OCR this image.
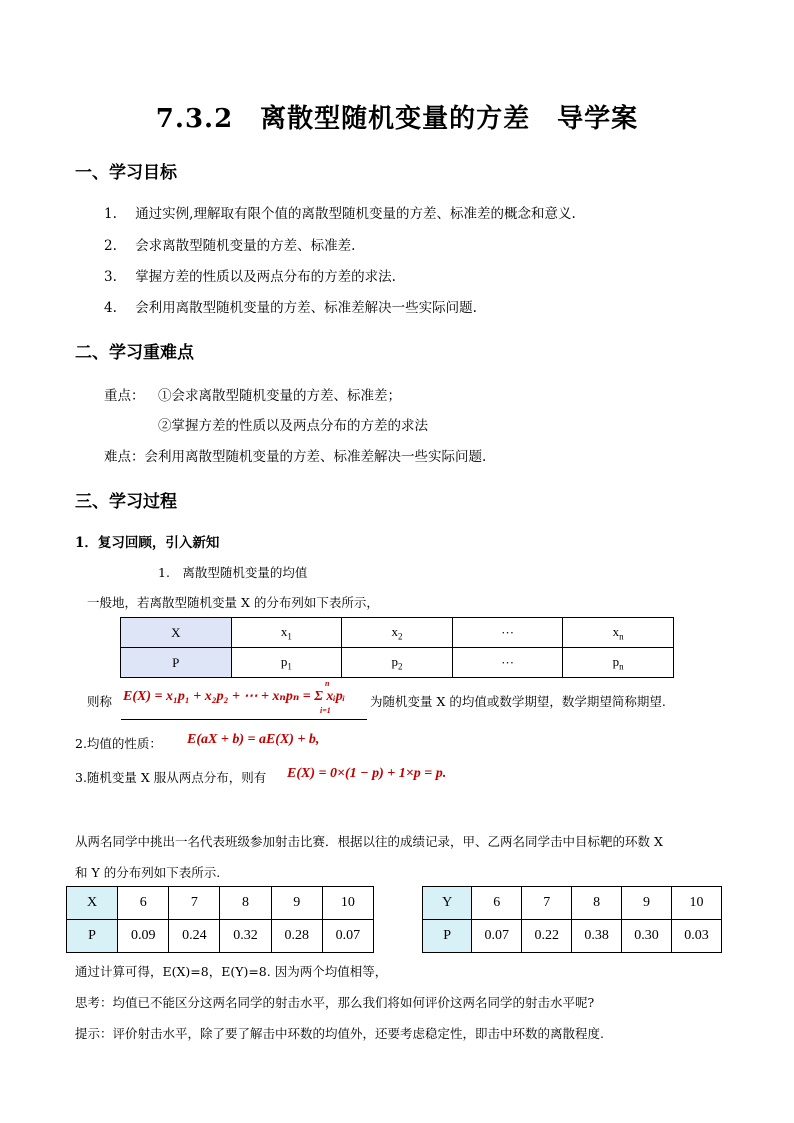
7.3.2　离散型随机变量的方差　导学案
一、学习目标
1. 通过实例,理解取有限个值的离散型随机变量的方差、标准差的概念和意义.
2. 会求离散型随机变量的方差、标准差.
3. 掌握方差的性质以及两点分布的方差的求法.
4. 会利用离散型随机变量的方差、标准差解决一些实际问题.
二、学习重难点
重点： ①会求离散型随机变量的方差、标准差；
②掌握方差的性质以及两点分布的方差的求法
难点：会利用离散型随机变量的方差、标准差解决一些实际问题.
三、学习过程
1．复习回顾，引入新知
1.　离散型随机变量的均值
一般地，若离散型随机变量 X 的分布列如下表所示，
X	$x_1$	$x_2$	···	$x_n$
P	$p_1$	$p_2$	···	$p_n$
则称 E(X) = x₁p₁ + x₂p₂ + ⋯ + xₙpₙ = Σ xᵢpᵢ
n
i=1
为随机变量 X 的均值或数学期望，数学期望简称期望.
2.均值的性质： E(aX + b) = aE(X) + b,
3.随机变量 X 服从两点分布，则有 E(X) = 0×(1 − p) + 1×p = p.
从两名同学中挑出一名代表班级参加射击比赛．根据以往的成绩记录，甲、乙两名同学击中目标靶的环数 X
和 Y 的分布列如下表所示.
X	6	7	8	9	10
P	0.09	0.24	0.32	0.28	0.07
Y	6	7	8	9	10
P	0.07	0.22	0.38	0.30	0.03
通过计算可得，E(X)=8，E(Y)=8. 因为两个均值相等，
思考：均值已不能区分这两名同学的射击水平，那么我们将如何评价这两名同学的射击水平呢?
提示：评价射击水平，除了要了解击中环数的均值外，还要考虑稳定性，即击中环数的离散程度.
